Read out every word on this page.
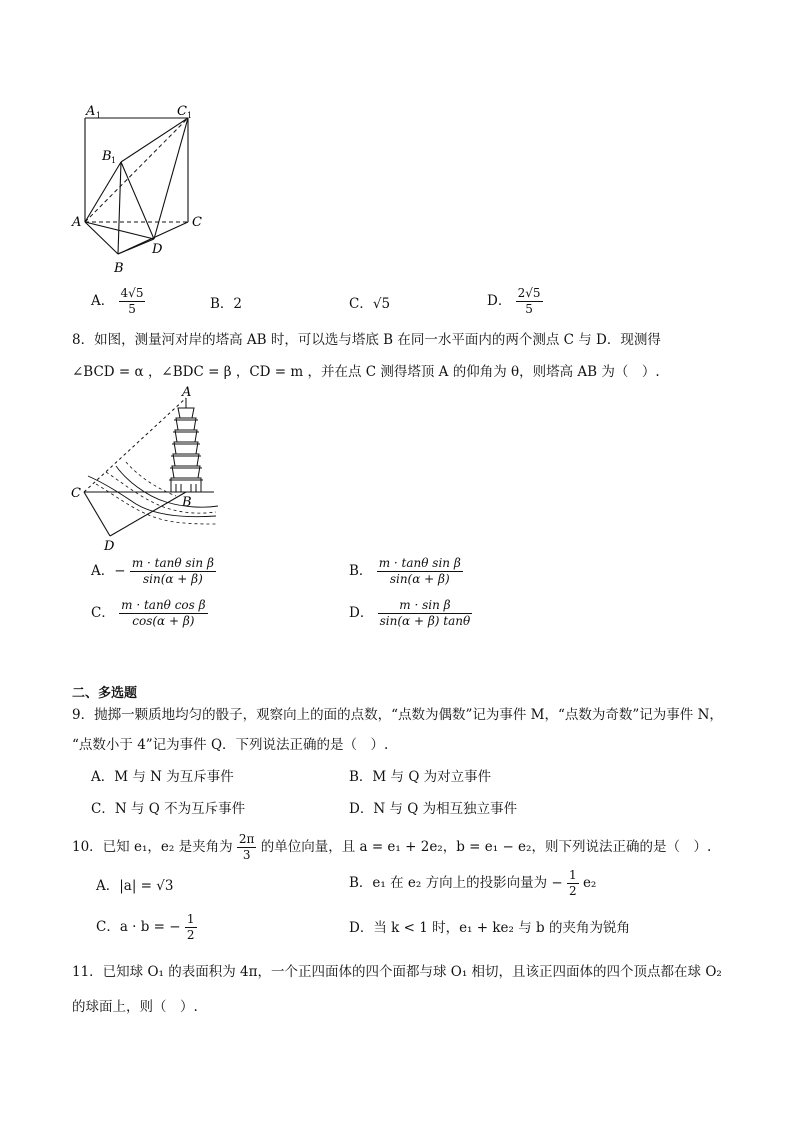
A 1	C 1
B 1
A	C
D
B
A． $\frac{4√5}{5}$	B．2	C．√5	D． $\frac{2√5}{5}$
8．如图，测量河对岸的塔高 AB 时，可以选与塔底 B 在同一水平面内的两个测点 C 与 D．现测得
∠BCD = α ，∠BDC = β ，CD = m ，并在点 C 测得塔顶 A 的仰角为 θ，则塔高 AB 为（　）.
A
B
C
D
A．− $\frac{\text{m · tanθ sin β}}{\sin(\alpha + \beta)}$	B． $\frac{\text{m · tanθ sin β}}{\sin(\alpha + \beta)}$
C． $\frac{\text{m · tanθ cos β}}{\cos(\alpha + \beta)}$	D． $\frac{\text{m · sin β}}{\sin(\alpha + \beta) \tan\theta}$
二、多选题
9．抛掷一颗质地均匀的骰子，观察向上的面的点数，“点数为偶数”记为事件 M，“点数为奇数”记为事件 N，
“点数小于 4”记为事件 Q．下列说法正确的是（　）.
A．M 与 N 为互斥事件	B．M 与 Q 为对立事件
C．N 与 Q 不为互斥事件	D．N 与 Q 为相互独立事件
10．已知 e₁，e₂ 是夹角为 $\frac{2\pi}{3}$ 的单位向量，且 a = e₁ + 2e₂，b = e₁ − e₂，则下列说法正确的是（　）.
A．|a| = √3	B．e₁ 在 e₂ 方向上的投影向量为 − $\frac{1}{2} e_2$
C．a · b = − $\frac{1}{2}$	D．当 k < 1 时，e₁ + ke₂ 与 b 的夹角为锐角
11．已知球 O₁ 的表面积为 4π，一个正四面体的四个面都与球 O₁ 相切，且该正四面体的四个顶点都在球 O₂
的球面上，则（　）.
